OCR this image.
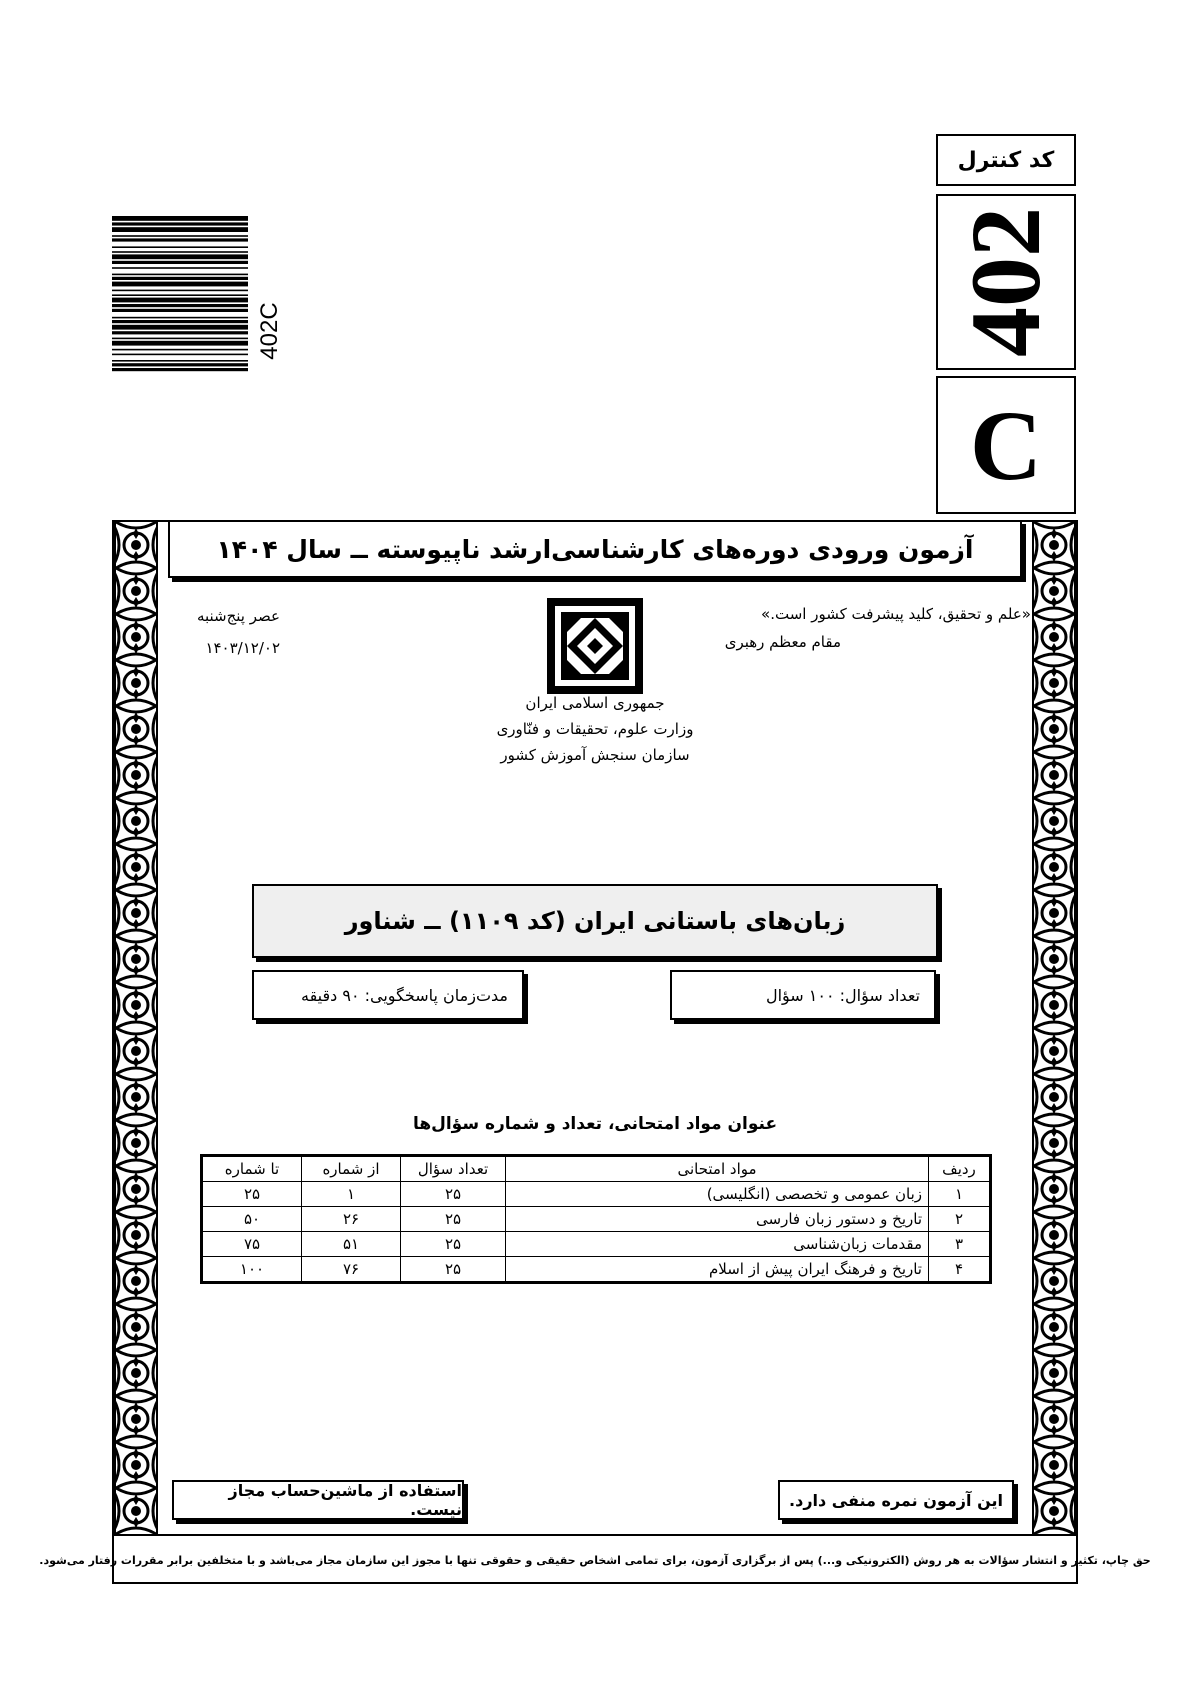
کد کنترل
402
C
402C
آزمون ورودی دوره‌های کارشناسی‌ارشد ناپیوسته ــ سال ۱۴۰۴
«علم و تحقیق، کلید پیشرفت کشور است.»
مقام معظم رهبری
عصر پنج‌شنبه
۱۴۰۳/۱۲/۰۲
جمهوری اسلامی ایران
وزارت علوم، تحقیقات و فنّاوری
سازمان سنجش آموزش کشور
زبان‌های باستانی ایران (کد ۱۱۰۹) ــ شناور
تعداد سؤال: ۱۰۰ سؤال
مدت‌زمان پاسخگویی: ۹۰ دقیقه
عنوان مواد امتحانی، تعداد و شماره سؤال‌ها
ردیف	مواد امتحانی	تعداد سؤال	از شماره	تا شماره
۱	زبان عمومی و تخصصی (انگلیسی)	۲۵	۱	۲۵
۲	تاریخ و دستور زبان فارسی	۲۵	۲۶	۵۰
۳	مقدمات زبان‌شناسی	۲۵	۵۱	۷۵
۴	تاریخ و فرهنگ ایران پیش از اسلام	۲۵	۷۶	۱۰۰
استفاده از ماشین‌حساب مجاز نیست.	این آزمون نمره منفی دارد.
حق چاپ، تکثیر و انتشار سؤالات به هر روش (الکترونیکی و...) پس از برگزاری آزمون، برای تمامی اشخاص حقیقی و حقوقی تنها با مجوز این سازمان مجاز می‌باشد و با متخلفین برابر مقررات رفتار می‌شود.
